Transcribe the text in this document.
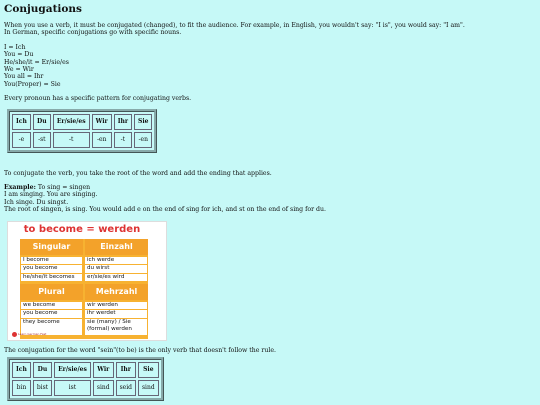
Conjugations

When you use a verb, it must be conjugated (changed), to fit the audience. For example, in English, you wouldn't say: "I is", you would say: "I am".

In German, specific conjugations go with specific nouns.

I = Ich

You = Du

He/she/it = Er/sie/es

We = Wir

You all = Ihr

You(Proper) = Sie

Every pronoun has a specific pattern for conjugating verbs.

Ich	Du	Er/sie/es	Wir	Ihr	Sie
-e	-st	-t	-en	-t	-en

To conjugate the verb, you take the root of the word and add the ending that applies.

Example: To sing = singen

I am singing. You are singing.

Ich singe. Du singst.

The root of singen, is sing. You would add e on the end of sing for ich, and st on the end of sing for du.

to become = werden
Singular	Einzahl
I become	ich werde
you become	du wirst
he/she/it becomes	er/sie/es wird
Plural	Mehrzahl
we become	wir werden
you become	ihr werdet
they become	sie (many) / Sie (formal) werden
Learn German Fast

The conjugation for the word "sein"(to be) is the only verb that doesn't follow the rule.

Ich	Du	Er/sie/es	Wir	Ihr	Sie
bin	bist	ist	sind	seid	sind
